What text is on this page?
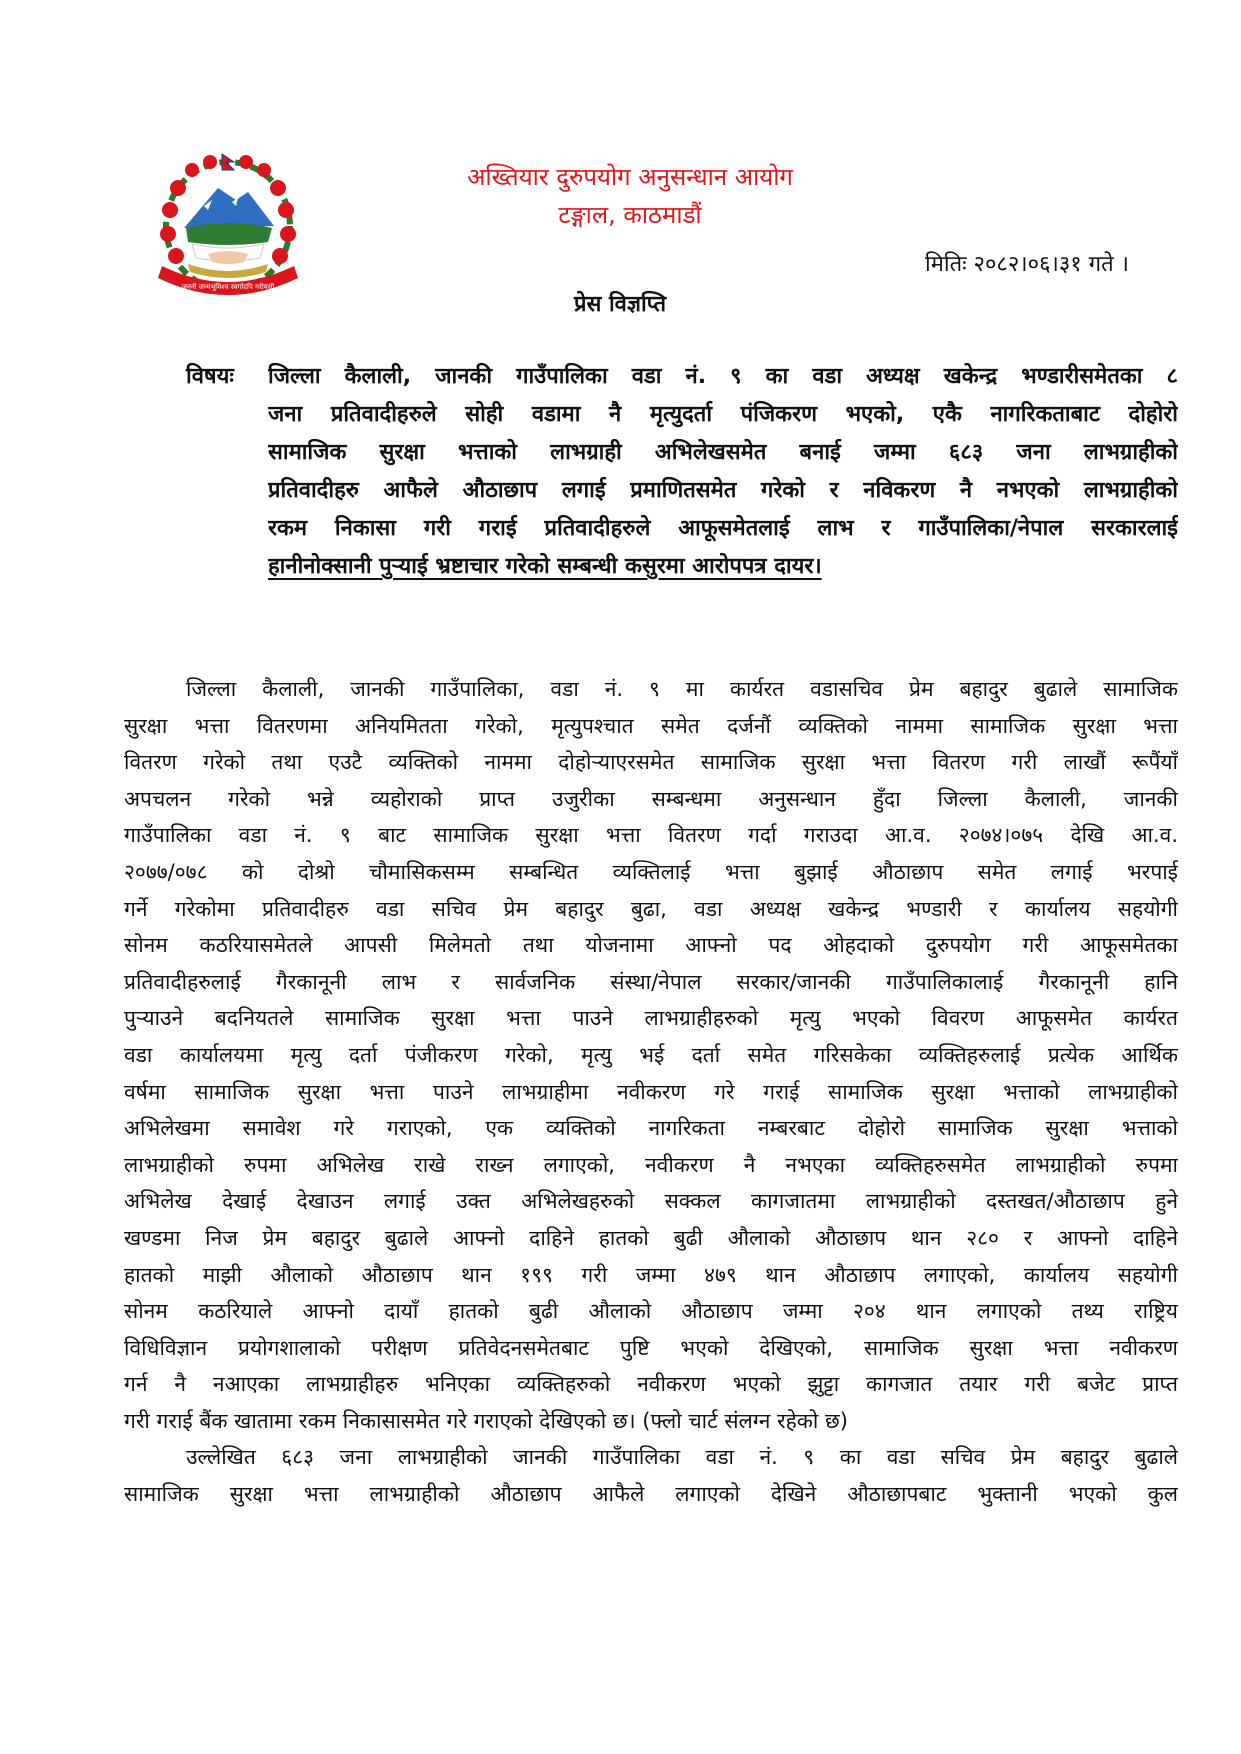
जननी जन्मभूमिश्च स्वर्गादपि गरीयसी
अख्तियार दुरुपयोग अनुसन्धान आयोग
टङ्गाल, काठमाडौं
मितिः २०८२।०६।३१ गते ।
प्रेस विज्ञप्ति
विषयः जिल्ला कैलाली, जानकी गाउँपालिका वडा नं. ९ का वडा अध्यक्ष खकेन्द्र भण्डारीसमेतका ८
जना प्रतिवादीहरुले सोही वडामा नै मृत्युदर्ता पंजिकरण भएको, एकै नागरिकताबाट दोहोरो
सामाजिक सुरक्षा भत्ताको लाभग्राही अभिलेखसमेत बनाई जम्मा ६८३ जना लाभग्राहीको
प्रतिवादीहरु आफैले औठाछाप लगाई प्रमाणितसमेत गरेको र नविकरण नै नभएको लाभग्राहीको
रकम निकासा गरी गराई प्रतिवादीहरुले आफूसमेतलाई लाभ र गाउँपालिका/नेपाल सरकारलाई
हानीनोक्सानी पुऱ्याई भ्रष्टाचार गरेको सम्बन्धी कसुरमा आरोपपत्र दायर।
जिल्ला कैलाली, जानकी गाउँपालिका, वडा नं. ९ मा कार्यरत वडासचिव प्रेम बहादुर बुढाले सामाजिक
सुरक्षा भत्ता वितरणमा अनियमितता गरेको, मृत्युपश्चात समेत दर्जनौं व्यक्तिको नाममा सामाजिक सुरक्षा भत्ता
वितरण गरेको तथा एउटै व्यक्तिको नाममा दोहोऱ्याएरसमेत सामाजिक सुरक्षा भत्ता वितरण गरी लाखौं रूपैंयाँ
अपचलन गरेको भन्ने व्यहोराको प्राप्त उजुरीका सम्बन्धमा अनुसन्धान हुँदा जिल्ला कैलाली, जानकी
गाउँपालिका वडा नं. ९ बाट सामाजिक सुरक्षा भत्ता वितरण गर्दा गराउदा आ.व. २०७४।०७५ देखि आ.व.
२०७७/०७८ को दोश्रो चौमासिकसम्म सम्बन्धित व्यक्तिलाई भत्ता बुझाई औठाछाप समेत लगाई भरपाई
गर्ने गरेकोमा प्रतिवादीहरु वडा सचिव प्रेम बहादुर बुढा, वडा अध्यक्ष खकेन्द्र भण्डारी र कार्यालय सहयोगी
सोनम कठरियासमेतले आपसी मिलेमतो तथा योजनामा आफ्नो पद ओहदाको दुरुपयोग गरी आफूसमेतका
प्रतिवादीहरुलाई गैरकानूनी लाभ र सार्वजनिक संस्था/नेपाल सरकार/जानकी गाउँपालिकालाई गैरकानूनी हानि
पुऱ्याउने बदनियतले सामाजिक सुरक्षा भत्ता पाउने लाभग्राहीहरुको मृत्यु भएको विवरण आफूसमेत कार्यरत
वडा कार्यालयमा मृत्यु दर्ता पंजीकरण गरेको, मृत्यु भई दर्ता समेत गरिसकेका व्यक्तिहरुलाई प्रत्येक आर्थिक
वर्षमा सामाजिक सुरक्षा भत्ता पाउने लाभग्राहीमा नवीकरण गरे गराई सामाजिक सुरक्षा भत्ताको लाभग्राहीको
अभिलेखमा समावेश गरे गराएको, एक व्यक्तिको नागरिकता नम्बरबाट दोहोरो सामाजिक सुरक्षा भत्ताको
लाभग्राहीको रुपमा अभिलेख राखे राख्न लगाएको, नवीकरण नै नभएका व्यक्तिहरुसमेत लाभग्राहीको रुपमा
अभिलेख देखाई देखाउन लगाई उक्त अभिलेखहरुको सक्कल कागजातमा लाभग्राहीको दस्तखत/औठाछाप हुने
खण्डमा निज प्रेम बहादुर बुढाले आफ्नो दाहिने हातको बुढी औलाको औठाछाप थान २८० र आफ्नो दाहिने
हातको माझी औलाको औठाछाप थान १९९ गरी जम्मा ४७९ थान औठाछाप लगाएको, कार्यालय सहयोगी
सोनम कठरियाले आफ्नो दायाँ हातको बुढी औलाको औठाछाप जम्मा २०४ थान लगाएको तथ्य राष्ट्रिय
विधिविज्ञान प्रयोगशालाको परीक्षण प्रतिवेदनसमेतबाट पुष्टि भएको देखिएको, सामाजिक सुरक्षा भत्ता नवीकरण
गर्न नै नआएका लाभग्राहीहरु भनिएका व्यक्तिहरुको नवीकरण भएको झुट्टा कागजात तयार गरी बजेट प्राप्त
गरी गराई बैंक खातामा रकम निकासासमेत गरे गराएको देखिएको छ। (फ्लो चार्ट संलग्न रहेको छ)
उल्लेखित ६८३ जना लाभग्राहीको जानकी गाउँपालिका वडा नं. ९ का वडा सचिव प्रेम बहादुर बुढाले
सामाजिक सुरक्षा भत्ता लाभग्राहीको औठाछाप आफैले लगाएको देखिने औठाछापबाट भुक्तानी भएको कुल
